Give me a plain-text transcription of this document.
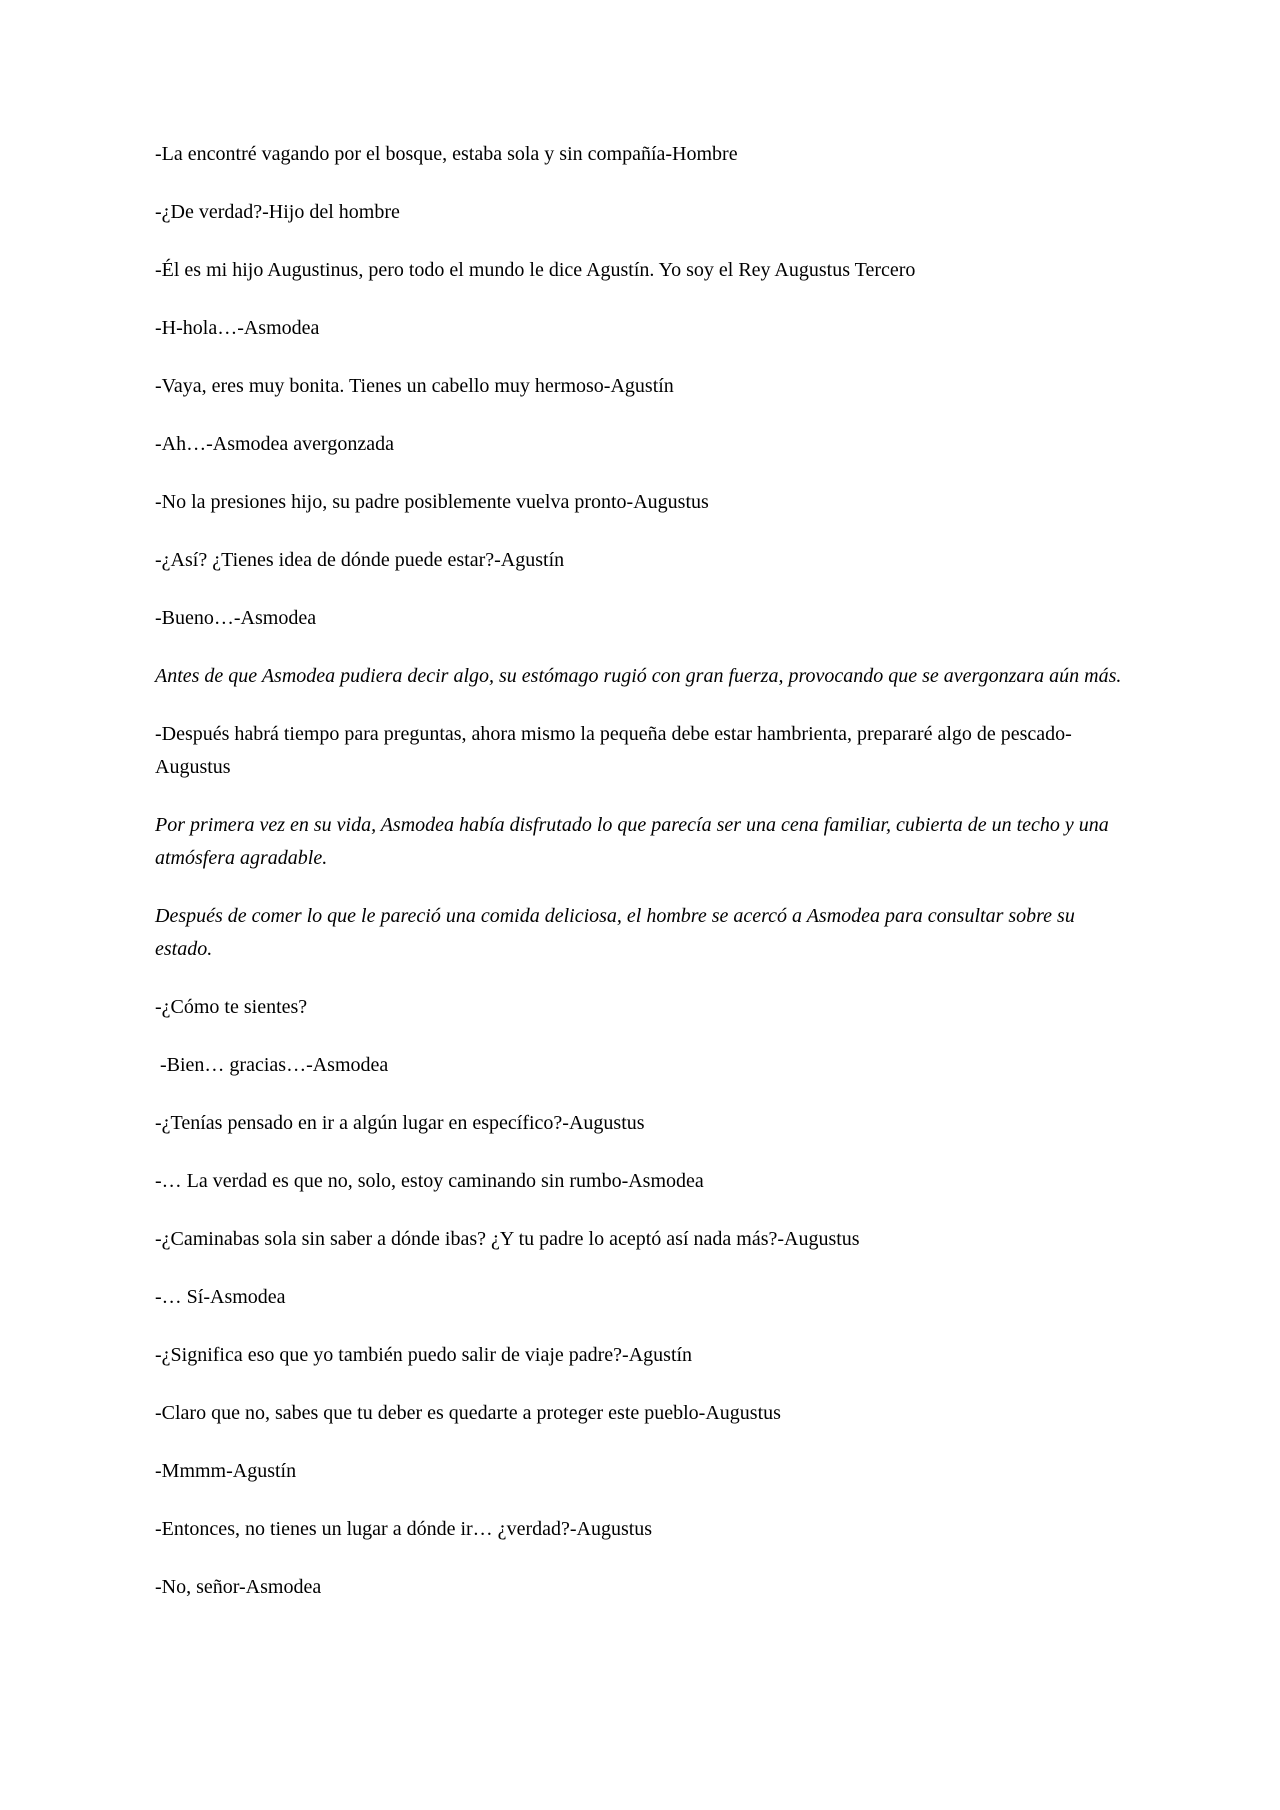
-La encontré vagando por el bosque, estaba sola y sin compañía-Hombre

-¿De verdad?-Hijo del hombre

-Él es mi hijo Augustinus, pero todo el mundo le dice Agustín. Yo soy el Rey Augustus Tercero

-H-hola…-Asmodea

-Vaya, eres muy bonita. Tienes un cabello muy hermoso-Agustín

-Ah…-Asmodea avergonzada

-No la presiones hijo, su padre posiblemente vuelva pronto-Augustus

-¿Así? ¿Tienes idea de dónde puede estar?-Agustín

-Bueno…-Asmodea

Antes de que Asmodea pudiera decir algo, su estómago rugió con gran fuerza, provocando que se avergonzara aún más.

-Después habrá tiempo para preguntas, ahora mismo la pequeña debe estar hambrienta, prepararé algo de pescado-Augustus

Por primera vez en su vida, Asmodea había disfrutado lo que parecía ser una cena familiar, cubierta de un techo y una atmósfera agradable.

Después de comer lo que le pareció una comida deliciosa, el hombre se acercó a Asmodea para consultar sobre su estado.

-¿Cómo te sientes?

-Bien… gracias…-Asmodea

-¿Tenías pensado en ir a algún lugar en específico?-Augustus

-… La verdad es que no, solo, estoy caminando sin rumbo-Asmodea

-¿Caminabas sola sin saber a dónde ibas? ¿Y tu padre lo aceptó así nada más?-Augustus

-… Sí-Asmodea

-¿Significa eso que yo también puedo salir de viaje padre?-Agustín

-Claro que no, sabes que tu deber es quedarte a proteger este pueblo-Augustus

-Mmmm-Agustín

-Entonces, no tienes un lugar a dónde ir… ¿verdad?-Augustus

-No, señor-Asmodea
